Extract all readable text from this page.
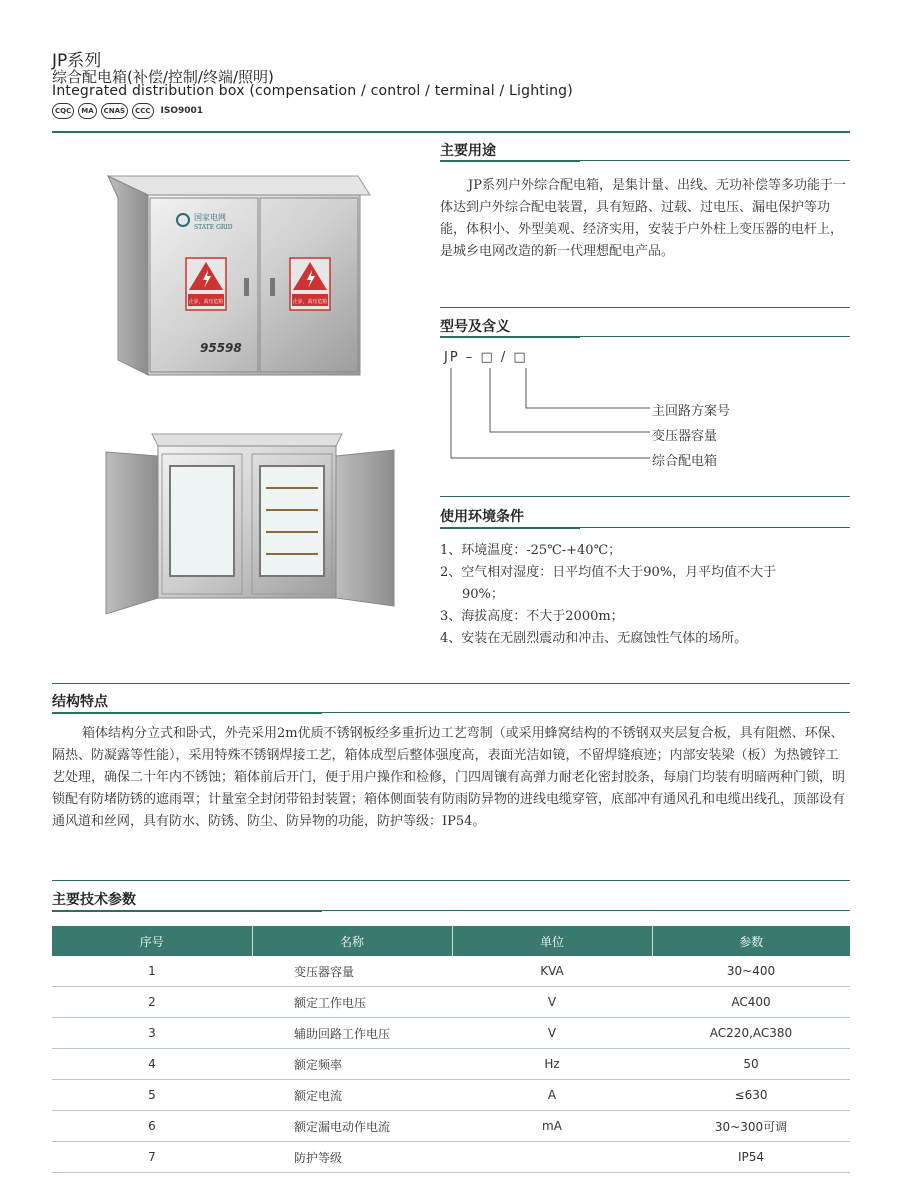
JP系列
综合配电箱(补偿/控制/终端/照明)
Integrated distribution box (compensation / control / terminal / Lighting)
CQC	MA	CNAS	CCC	ISO9001
国家电网
STATE GRID
止步，高压危险	止步，高压危险
95598
主要用途
JP系列户外综合配电箱，是集计量、出线、无功补偿等多功能于一体达到户外综合配电装置，具有短路、过载、过电压、漏电保护等功能，体积小、外型美观、经济实用，安装于户外柱上变压器的电杆上，是城乡电网改造的新一代理想配电产品。
型号及含义
JP – □ / □
主回路方案号
变压器容量
综合配电箱
使用环境条件
1、环境温度：-25℃-+40℃；
2、空气相对湿度：日平均值不大于90%，月平均值不大于
90%；
3、海拔高度：不大于2000m；
4、安装在无剧烈震动和冲击、无腐蚀性气体的场所。
结构特点
箱体结构分立式和卧式，外壳采用2m优质不锈钢板经多重折边工艺弯制（或采用蜂窝结构的不锈钢双夹层复合板，具有阻燃、环保、隔热、防凝露等性能），采用特殊不锈钢焊接工艺，箱体成型后整体强度高，表面光洁如镜，不留焊缝痕迹；内部安装梁（板）为热镀锌工艺处理，确保二十年内不锈蚀；箱体前后开门，便于用户操作和检修，门四周镶有高弹力耐老化密封胶条，每扇门均装有明暗两种门锁，明锁配有防堵防锈的遮雨罩；计量室全封闭带铅封装置；箱体侧面装有防雨防异物的进线电缆穿管，底部冲有通风孔和电缆出线孔，顶部设有通风道和丝网，具有防水、防锈、防尘、防异物的功能，防护等级：IP54。
主要技术参数
序号	名称	单位	参数
1	变压器容量	KVA	30~400
2	额定工作电压	V	AC400
3	辅助回路工作电压	V	AC220,AC380
4	额定频率	Hz	50
5	额定电流	A	≤630
6	额定漏电动作电流	mA	30~300可调
7	防护等级		IP54
